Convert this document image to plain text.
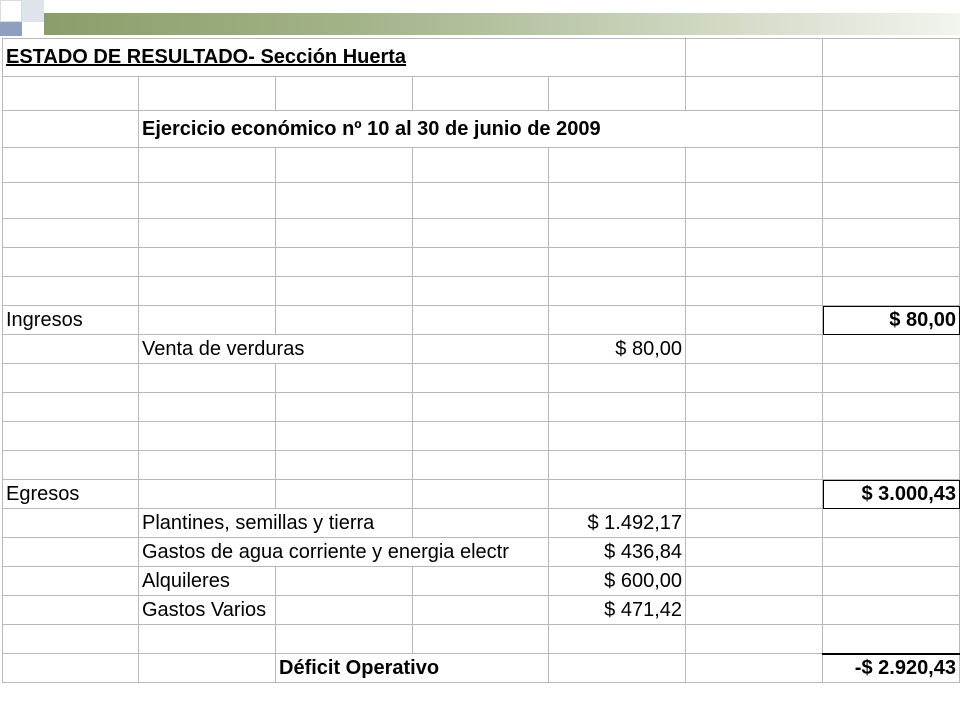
ESTADO DE RESULTADO- Sección Huerta						

	Ejercicio económico nº 10 al 30 de junio de 2009					

Ingresos						$ 80,00
	Venta de verduras			$ 80,00		

Egresos						$ 3.000,43
	Plantines, semillas y tierra			$ 1.492,17		
	Gastos de agua corriente y energia electr			$ 436,84		
	Alquileres			$ 600,00		
	Gastos Varios			$ 471,42		

		Déficit Operativo				-$ 2.920,43
